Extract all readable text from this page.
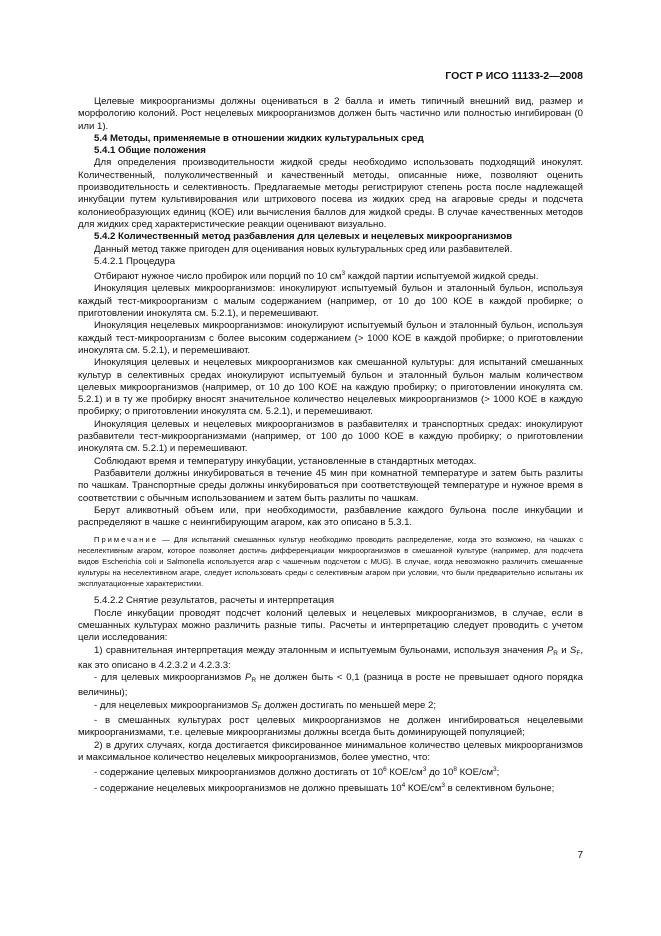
ГОСТ Р ИСО 11133-2—2008

Целевые микроорганизмы должны оцениваться в 2 балла и иметь типичный внешний вид, размер и морфологию колоний. Рост нецелевых микроорганизмов должен быть частично или полностью ингибирован (0 или 1).

5.4 Методы, применяемые в отношении жидких культуральных сред

5.4.1 Общие положения

Для определения производительности жидкой среды необходимо использовать подходящий инокулят. Количественный, полуколичественный и качественный методы, описанные ниже, позволяют оценить производительность и селективность. Предлагаемые методы регистрируют степень роста после надлежащей инкубации путем культивирования или штрихового посева из жидких сред на агаровые среды и подсчета колониеобразующих единиц (КОЕ) или вычисления баллов для жидкой среды. В случае качественных методов для жидких сред характеристические реакции оценивают визуально.

5.4.2 Количественный метод разбавления для целевых и нецелевых микроорганизмов

Данный метод также пригоден для оценивания новых культуральных сред или разбавителей.

5.4.2.1 Процедура

Отбирают нужное число пробирок или порций по 10 $см^3$ каждой партии испытуемой жидкой среды.

Инокуляция целевых микроорганизмов: инокулируют испытуемый бульон и эталонный бульон, используя каждый тест-микроорганизм с малым содержанием (например, от 10 до 100 КОЕ в каждой пробирке; о приготовлении инокулята см. 5.2.1), и перемешивают.

Инокуляция нецелевых микроорганизмов: инокулируют испытуемый бульон и эталонный бульон, используя каждый тест-микроорганизм с более высоким содержанием (> 1000 КОЕ в каждой пробирке; о приготовлении инокулята см. 5.2.1), и перемешивают.

Инокуляция целевых и нецелевых микроорганизмов как смешанной культуры: для испытаний смешанных культур в селективных средах инокулируют испытуемый бульон и эталонный бульон малым количеством целевых микроорганизмов (например, от 10 до 100 КОЕ на каждую пробирку; о приготовлении инокулята см. 5.2.1) и в ту же пробирку вносят значительное количество нецелевых микроорганизмов (> 1000 КОЕ в каждую пробирку; о приготовлении инокулята см. 5.2.1), и перемешивают.

Инокуляция целевых и нецелевых микроорганизмов в разбавителях и транспортных средах: инокулируют разбавители тест-микроорганизмами (например, от 100 до 1000 КОЕ в каждую пробирку; о приготовлении инокулята см. 5.2.1) и перемешивают.

Соблюдают время и температуру инкубации, установленные в стандартных методах.

Разбавители должны инкубироваться в течение 45 мин при комнатной температуре и затем быть разлиты по чашкам. Транспортные среды должны инкубироваться при соответствующей температуре и нужное время в соответствии с обычным использованием и затем быть разлиты по чашкам.

Берут аликвотный объем или, при необходимости, разбавление каждого бульона после инкубации и распределяют в чашке с неингибирующим агаром, как это описано в 5.3.1.

Примечание — Для испытаний смешанных культур необходимо проводить распределение, когда это возможно, на чашках с неселективным агаром, которое позволяет достичь дифференциации микроорганизмов в смешанной культуре (например, для подсчета видов Escherichia coli и Salmonella используется агар с чашечным подсчетом с MUG). В случае, когда невозможно различить смешанные культуры на неселективном агаре, следует использовать среды с селективным агаром при условии, что были предварительно испытаны их эксплуатационные характеристики.

5.4.2.2 Снятие результатов, расчеты и интерпретация

После инкубации проводят подсчет колоний целевых и нецелевых микроорганизмов, в случае, если в смешанных культурах можно различить разные типы. Расчеты и интерпретацию следует проводить с учетом цели исследования:

1) сравнительная интерпретация между эталонным и испытуемым бульонами, используя значения $P_R$ и $S_F$, как это описано в 4.2.3.2 и 4.2.3.3:

- для целевых микроорганизмов $P_R$ не должен быть < 0,1 (разница в росте не превышает одного порядка величины);

- для нецелевых микроорганизмов $S_F$ должен достигать по меньшей мере 2;

- в смешанных культурах рост целевых микроорганизмов не должен ингибироваться нецелевыми микроорганизмами, т.е. целевые микроорганизмы должны всегда быть доминирующей популяцией;

2) в других случаях, когда достигается фиксированное минимальное количество целевых микроорганизмов и максимальное количество нецелевых микроорганизмов, более уместно, что:

- содержание целевых микроорганизмов должно достигать от $10^6$ КОЕ/$см^3$ до $10^8$ КОЕ/$см^3$;

- содержание нецелевых микроорганизмов не должно превышать $10^4$ КОЕ/$см^3$ в селективном бульоне;

7
